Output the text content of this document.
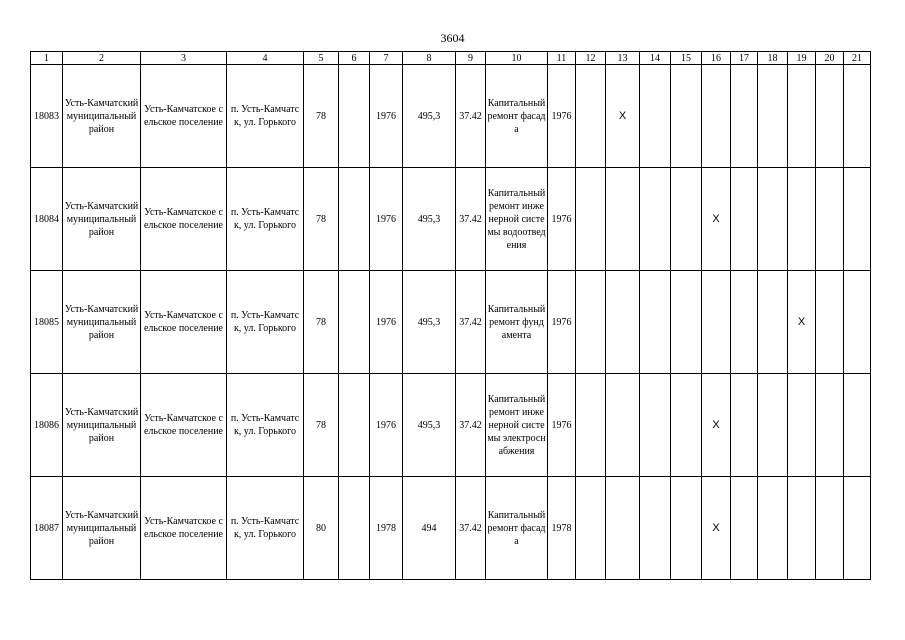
3604
1	2	3	4	5	6	7	8	9	10	11	12	13	14	15	16	17	18	19	20	21
18083	Усть-Камчатский муниципальный район	Усть-Камчатское сельское поселение	п. Усть-Камчатск, ул. Горького	78		1976	495,3	37.42	Капитальный ремонт фасада	1976		X								
18084	Усть-Камчатский муниципальный район	Усть-Камчатское сельское поселение	п. Усть-Камчатск, ул. Горького	78		1976	495,3	37.42	Капитальный ремонт инженерной системы водоотведения	1976					X					
18085	Усть-Камчатский муниципальный район	Усть-Камчатское сельское поселение	п. Усть-Камчатск, ул. Горького	78		1976	495,3	37.42	Капитальный ремонт фундамента	1976								X		
18086	Усть-Камчатский муниципальный район	Усть-Камчатское сельское поселение	п. Усть-Камчатск, ул. Горького	78		1976	495,3	37.42	Капитальный ремонт инженерной системы электроснабжения	1976					X					
18087	Усть-Камчатский муниципальный район	Усть-Камчатское сельское поселение	п. Усть-Камчатск, ул. Горького	80		1978	494	37.42	Капитальный ремонт фасада	1978					X					
